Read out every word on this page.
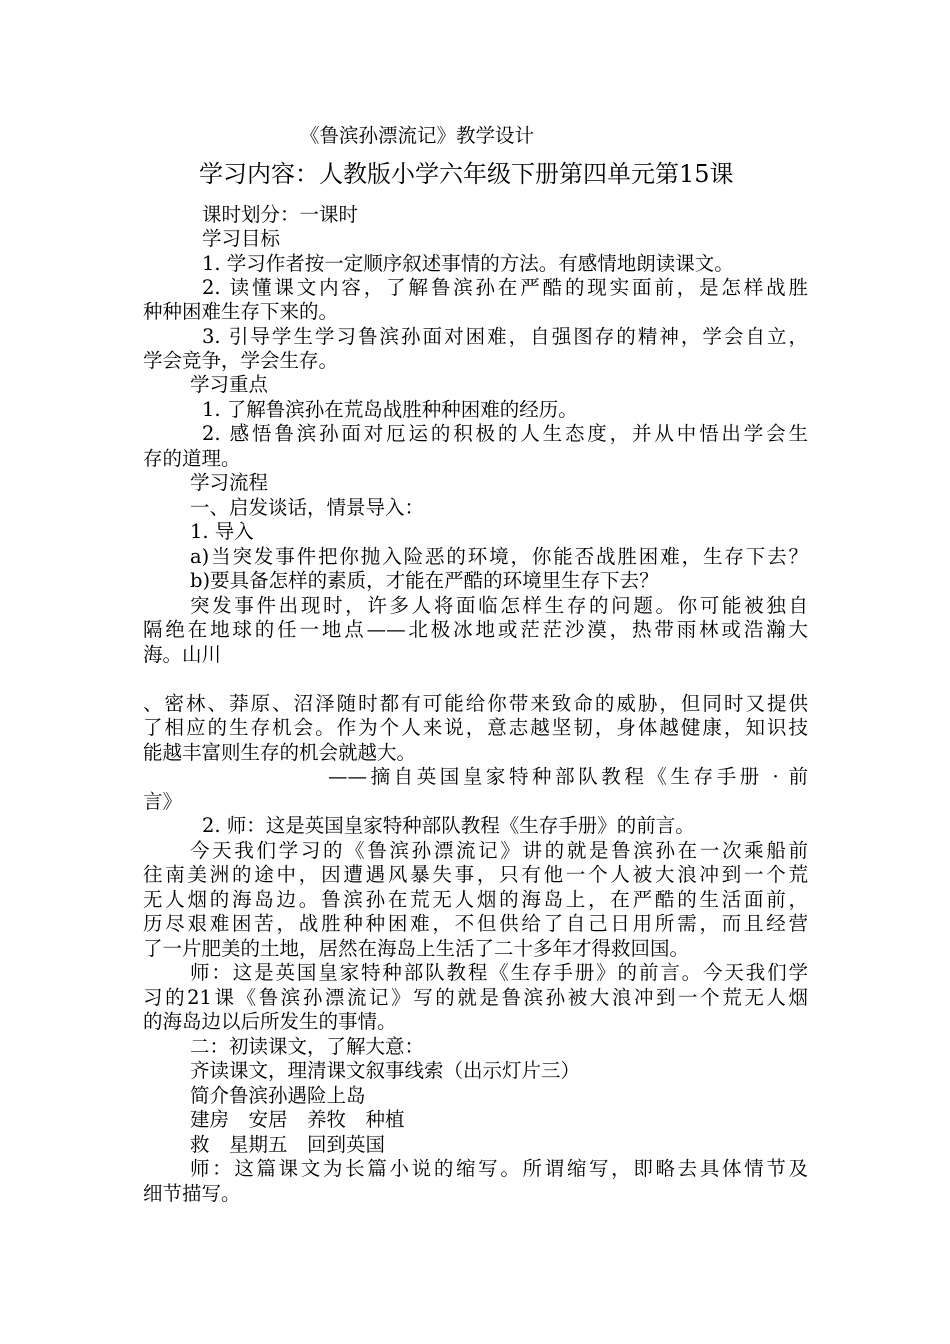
《鲁滨孙漂流记》教学设计
学习内容：人教版小学六年级下册第四单元第15课
课时划分：一课时
学习目标
1. 学习作者按一定顺序叙述事情的方法。有感情地朗读课文。
2. 读懂课文内容，了解鲁滨孙在严酷的现实面前，是怎样战胜
种种困难生存下来的。
3. 引导学生学习鲁滨孙面对困难，自强图存的精神，学会自立，
学会竞争，学会生存。
学习重点
1. 了解鲁滨孙在荒岛战胜种种困难的经历。
2. 感悟鲁滨孙面对厄运的积极的人生态度，并从中悟出学会生
存的道理。
学习流程
一、启发谈话，情景导入：
1. 导入
a)当突发事件把你抛入险恶的环境，你能否战胜困难，生存下去？
b)要具备怎样的素质，才能在严酷的环境里生存下去？
突发事件出现时，许多人将面临怎样生存的问题。你可能被独自
隔绝在地球的任一地点——北极冰地或茫茫沙漠，热带雨林或浩瀚大
海。山川
、密林、莽原、沼泽随时都有可能给你带来致命的威胁，但同时又提供
了相应的生存机会。作为个人来说，意志越坚韧，身体越健康，知识技
能越丰富则生存的机会就越大。
——摘自英国皇家特种部队教程《生存手册 · 前
言》
2. 师：这是英国皇家特种部队教程《生存手册》的前言。
今天我们学习的《鲁滨孙漂流记》讲的就是鲁滨孙在一次乘船前
往南美洲的途中，因遭遇风暴失事，只有他一个人被大浪冲到一个荒
无人烟的海岛边。鲁滨孙在荒无人烟的海岛上，在严酷的生活面前，
历尽艰难困苦，战胜种种困难，不但供给了自己日用所需，而且经营
了一片肥美的土地，居然在海岛上生活了二十多年才得救回国。
师：这是英国皇家特种部队教程《生存手册》的前言。今天我们学
习的21课《鲁滨孙漂流记》写的就是鲁滨孙被大浪冲到一个荒无人烟
的海岛边以后所发生的事情。
二：初读课文，了解大意：
齐读课文，理清课文叙事线索（出示灯片三）
简介鲁滨孙遇险上岛
建房　安居　养牧　种植
救　星期五　回到英国
师：这篇课文为长篇小说的缩写。所谓缩写，即略去具体情节及
细节描写。
